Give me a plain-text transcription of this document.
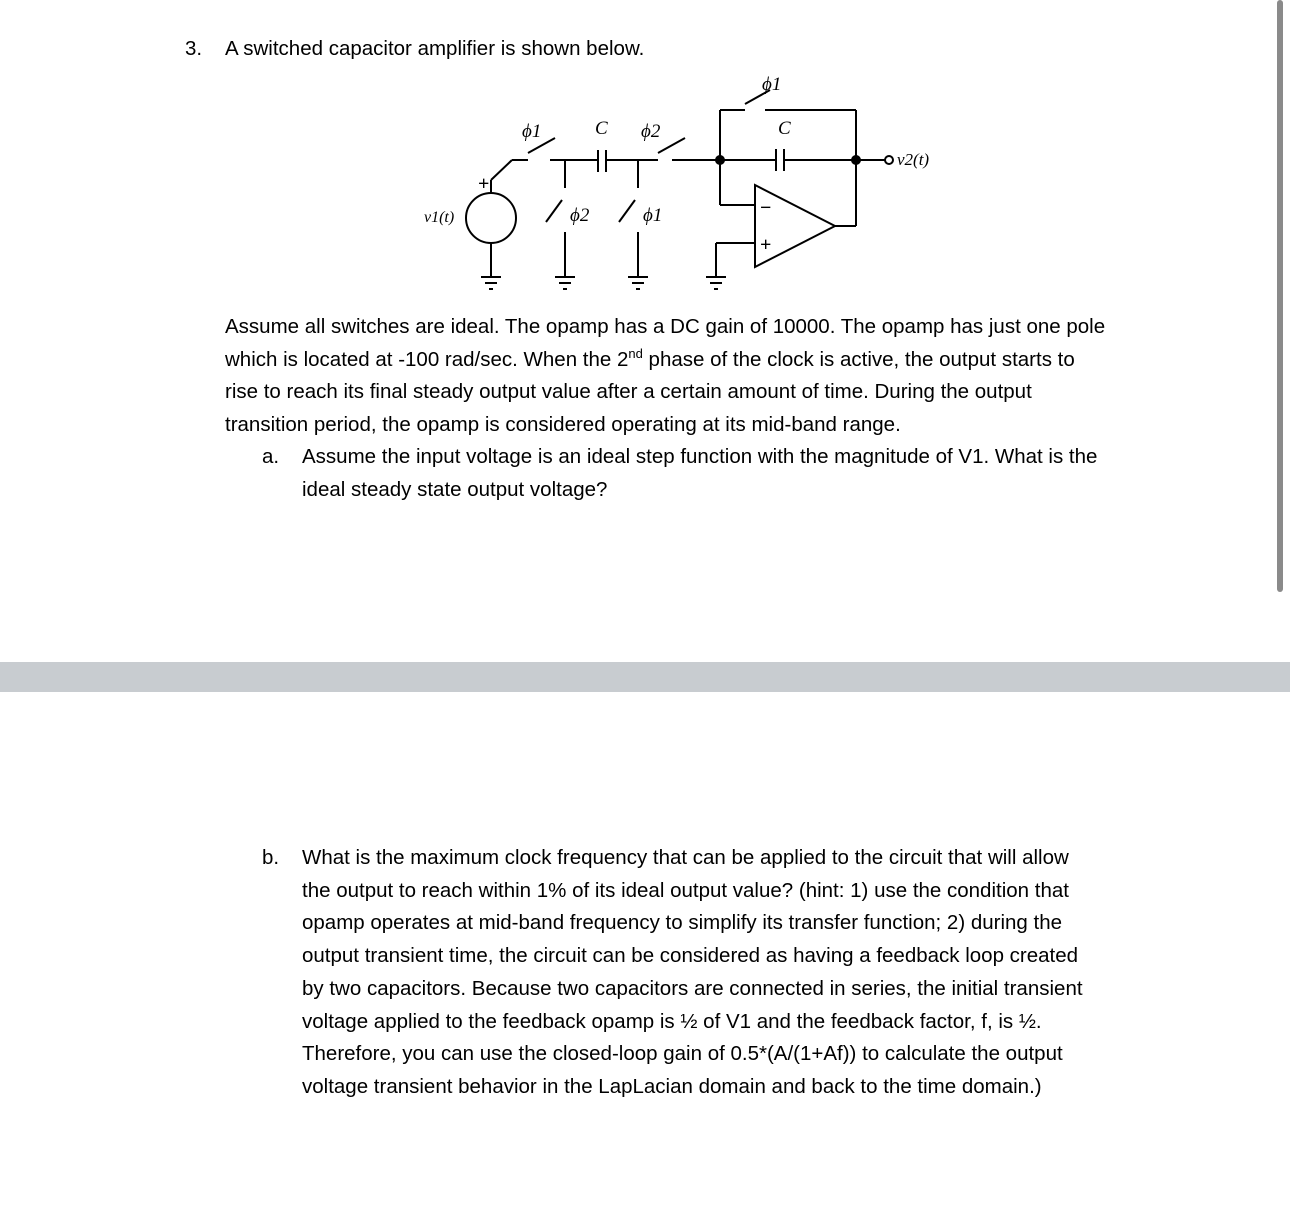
3. A switched capacitor amplifier is shown below.

ϕ1	C ϕ2
ϕ2	ϕ1
ϕ1
C
v1(t)
v2(t)
+
−
+
Assume all switches are ideal. The opamp has a DC gain of 10000. The opamp has just one pole
which is located at -100 rad/sec. When the 2nd phase of the clock is active, the output starts to
rise to reach its final steady output value after a certain amount of time. During the output
transition period, the opamp is considered operating at its mid-band range.
a. Assume the input voltage is an ideal step function with the magnitude of V1. What is the
ideal steady state output voltage?
b. What is the maximum clock frequency that can be applied to the circuit that will allow
the output to reach within 1% of its ideal output value? (hint: 1) use the condition that
opamp operates at mid-band frequency to simplify its transfer function; 2) during the
output transient time, the circuit can be considered as having a feedback loop created
by two capacitors. Because two capacitors are connected in series, the initial transient
voltage applied to the feedback opamp is ½ of V1 and the feedback factor, f, is ½.
Therefore, you can use the closed-loop gain of 0.5*(A/(1+Af)) to calculate the output
voltage transient behavior in the LapLacian domain and back to the time domain.)
